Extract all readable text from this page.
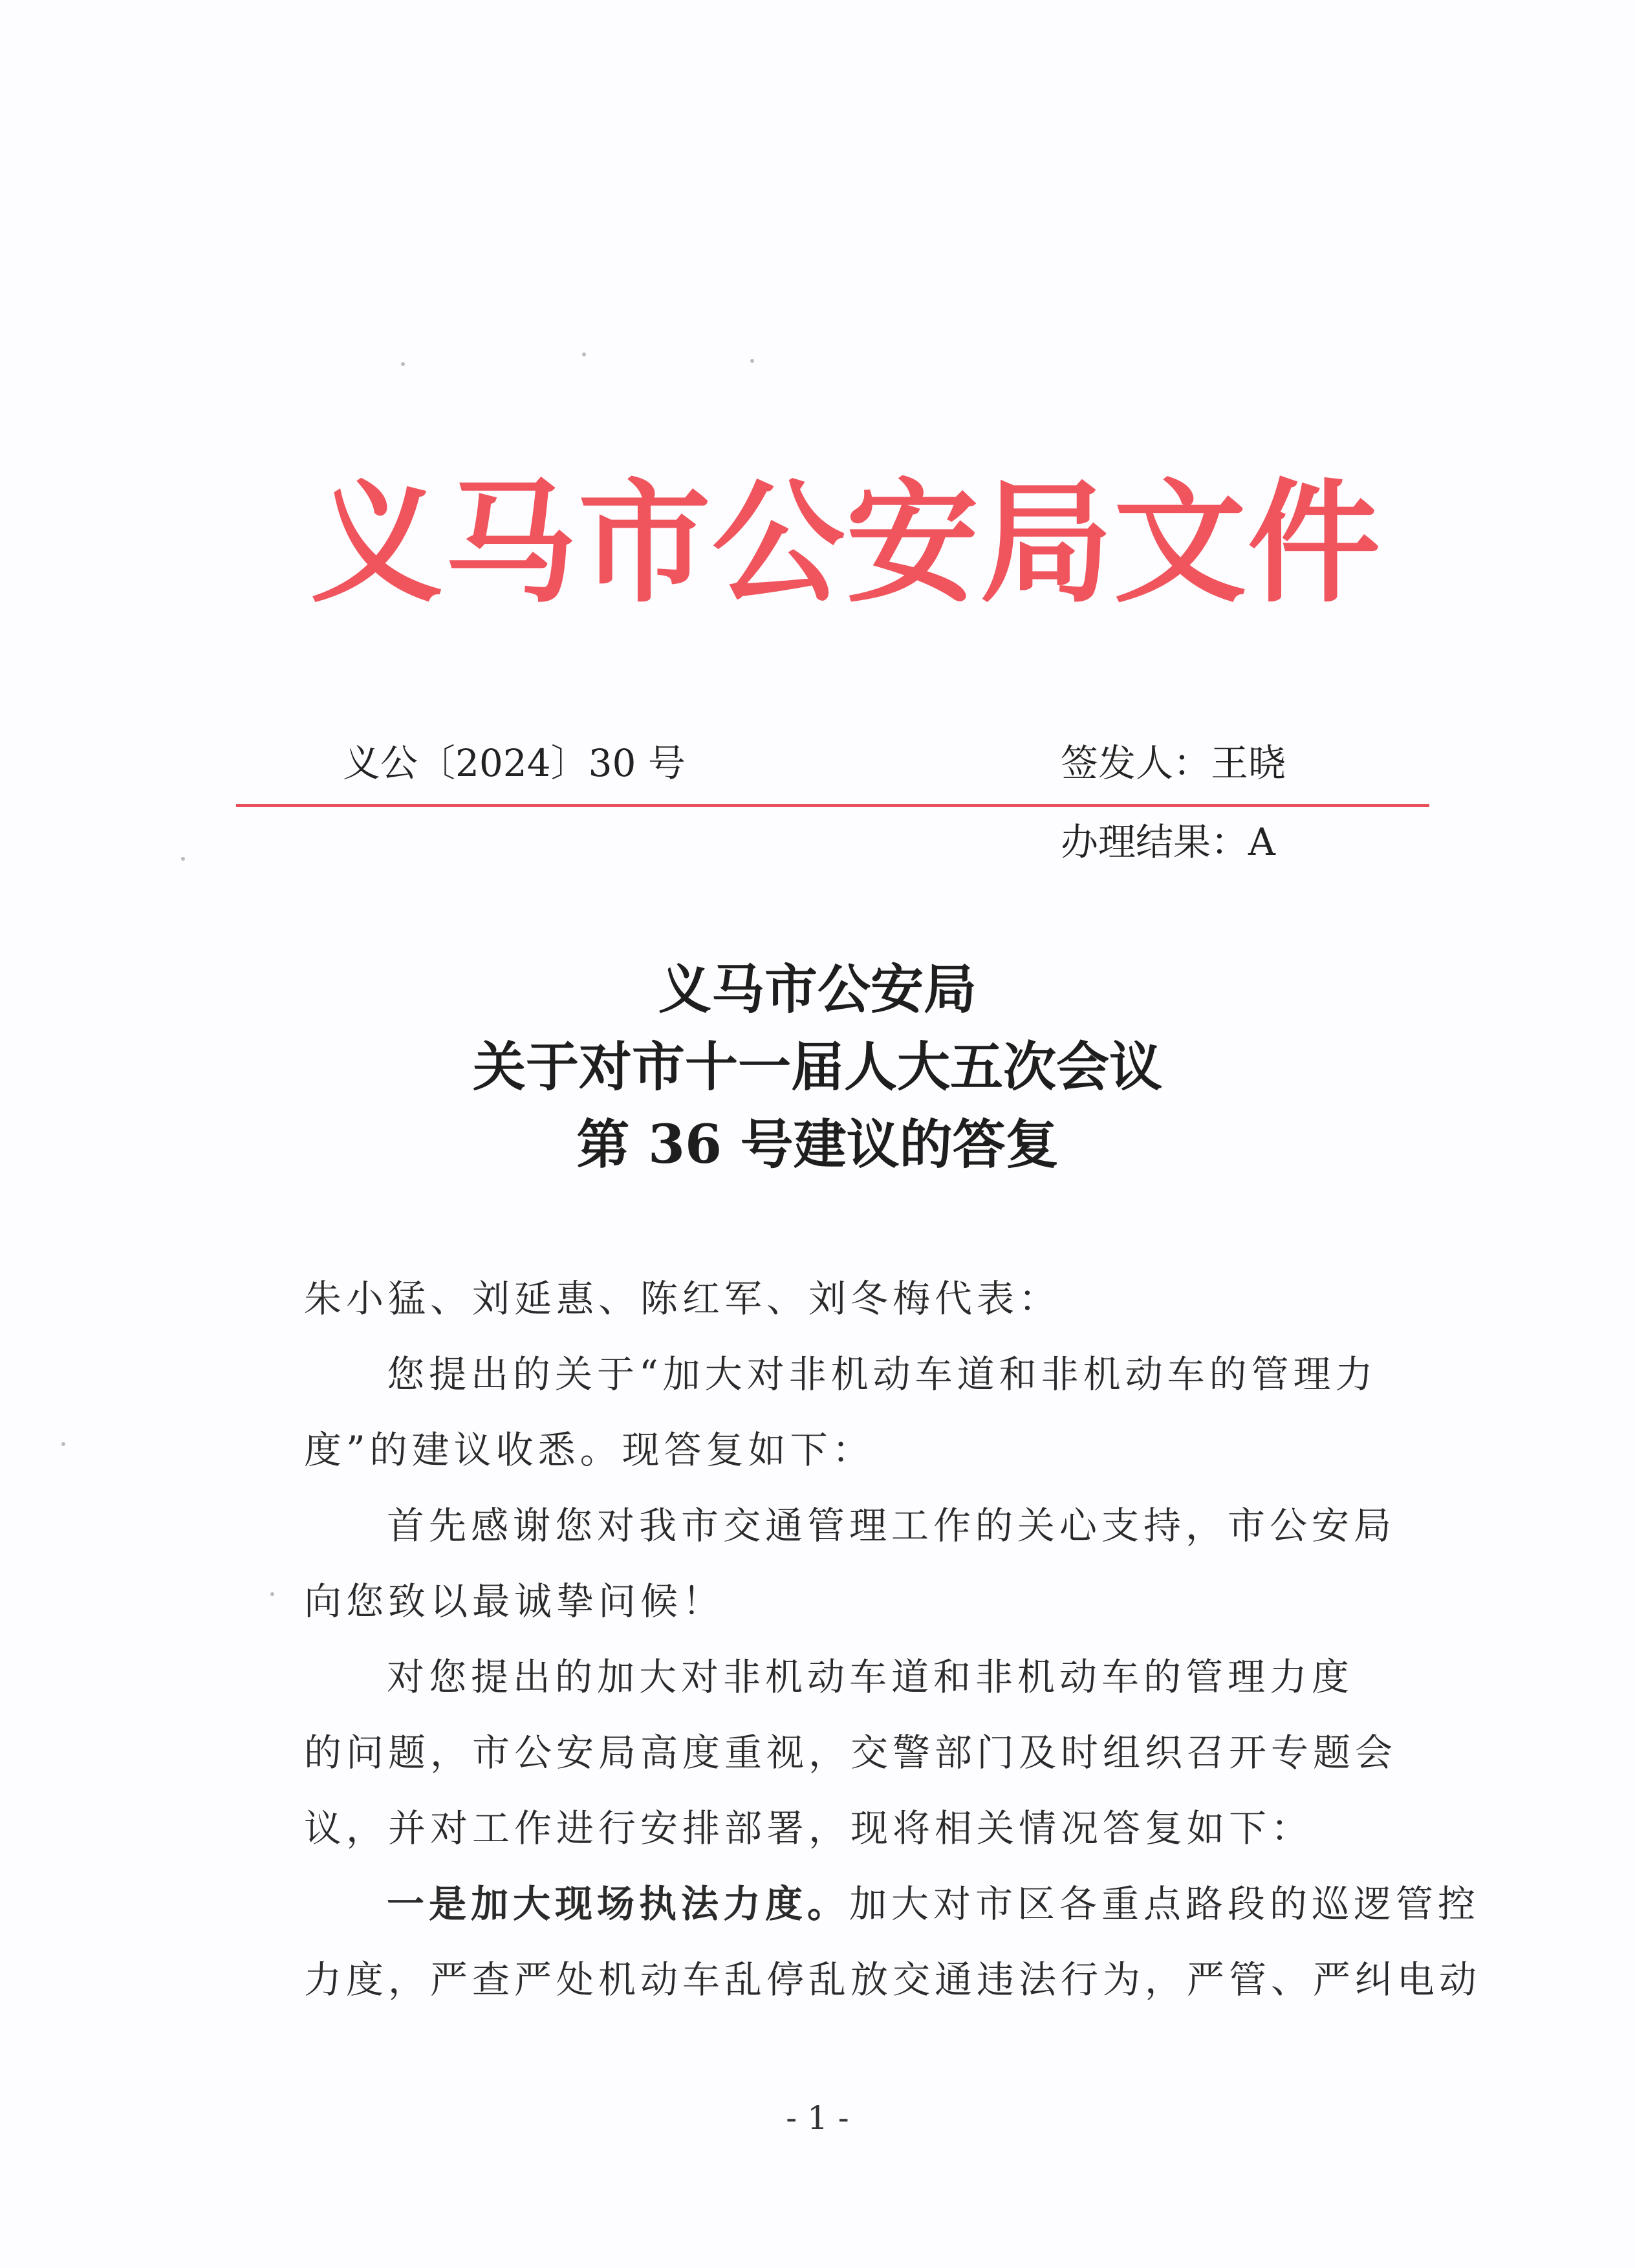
义马市公安局文件
义公〔2024〕30 号	签发人：王晓
办理结果：A
义马市公安局
关于对市十一届人大五次会议
第 36 号建议的答复
朱小猛、刘延惠、陈红军、刘冬梅代表：
您提出的关于“加大对非机动车道和非机动车的管理力
度”的建议收悉。现答复如下：
首先感谢您对我市交通管理工作的关心支持，市公安局
向您致以最诚挚问候！
对您提出的加大对非机动车道和非机动车的管理力度
的问题，市公安局高度重视，交警部门及时组织召开专题会
议，并对工作进行安排部署，现将相关情况答复如下：
一是加大现场执法力度。加大对市区各重点路段的巡逻管控
力度，严查严处机动车乱停乱放交通违法行为，严管、严纠电动
- 1 -
